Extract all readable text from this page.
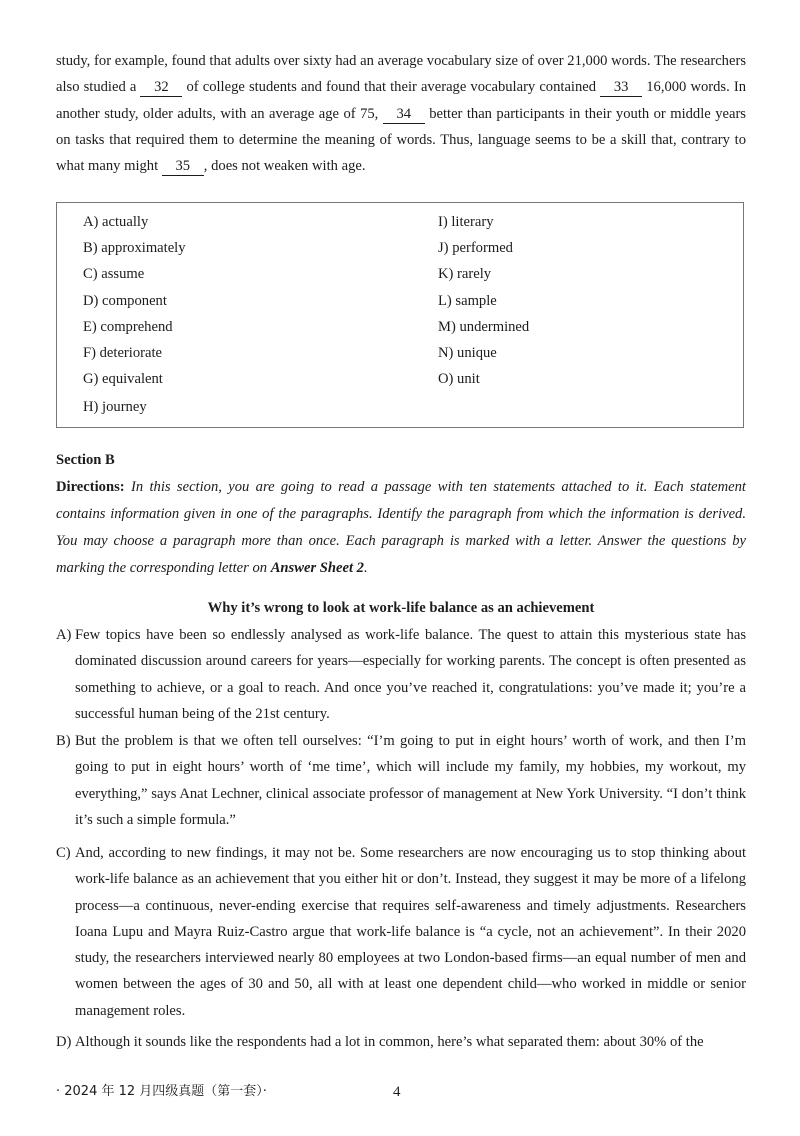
study, for example, found that adults over sixty had an average vocabulary size of over 21,000 words. The researchers also studied a 32 of college students and found that their average vocabulary contained 33 16,000 words. In another study, older adults, with an average age of 75, 34 better than participants in their youth or middle years on tasks that required them to determine the meaning of words. Thus, language seems to be a skill that, contrary to what many might 35 , does not weaken with age.
A) actually
B) approximately
C) assume
D) component
E) comprehend
F) deteriorate
G) equivalent
H) journey
I) literary
J) performed
K) rarely
L) sample
M) undermined
N) unique
O) unit
Section B
Directions: In this section, you are going to read a passage with ten statements attached to it. Each statement contains information given in one of the paragraphs. Identify the paragraph from which the information is derived. You may choose a paragraph more than once. Each paragraph is marked with a letter. Answer the questions by marking the corresponding letter on Answer Sheet 2.
Why it’s wrong to look at work-life balance as an achievement
A) Few topics have been so endlessly analysed as work-life balance. The quest to attain this mysterious state has dominated discussion around careers for years—especially for working parents. The concept is often presented as something to achieve, or a goal to reach. And once you’ve reached it, congratulations: you’ve made it; you’re a successful human being of the 21st century.
B) But the problem is that we often tell ourselves: “I’m going to put in eight hours’ worth of work, and then I’m going to put in eight hours’ worth of ‘me time’, which will include my family, my hobbies, my workout, my everything,” says Anat Lechner, clinical associate professor of management at New York University. “I don’t think it’s such a simple formula.”
C) And, according to new findings, it may not be. Some researchers are now encouraging us to stop thinking about work-life balance as an achievement that you either hit or don’t. Instead, they suggest it may be more of a lifelong process—a continuous, never-ending exercise that requires self-awareness and timely adjustments. Researchers Ioana Lupu and Mayra Ruiz-Castro argue that work-life balance is “a cycle, not an achievement”. In their 2020 study, the researchers interviewed nearly 80 employees at two London-based firms—an equal number of men and women between the ages of 30 and 50, all with at least one dependent child—who worked in middle or senior management roles.
D) Although it sounds like the respondents had a lot in common, here’s what separated them: about 30% of the
· 2024 年 12 月四级真题（第一套）·	4
